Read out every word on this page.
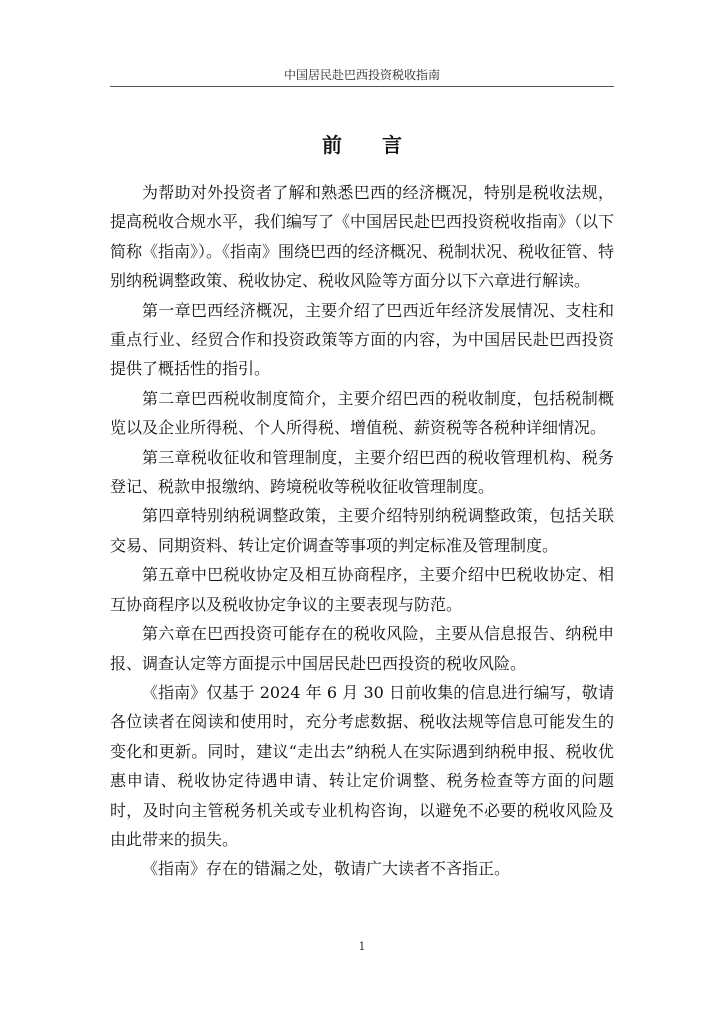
中国居民赴巴西投资税收指南
前言

为帮助对外投资者了解和熟悉巴西的经济概况，特别是税收法规，提高税收合规水平，我们编写了《中国居民赴巴西投资税收指南》（以下简称《指南》）。《指南》围绕巴西的经济概况、税制状况、税收征管、特别纳税调整政策、税收协定、税收风险等方面分以下六章进行解读。

第一章巴西经济概况，主要介绍了巴西近年经济发展情况、支柱和重点行业、经贸合作和投资政策等方面的内容，为中国居民赴巴西投资提供了概括性的指引。

第二章巴西税收制度简介，主要介绍巴西的税收制度，包括税制概览以及企业所得税、个人所得税、增值税、薪资税等各税种详细情况。

第三章税收征收和管理制度，主要介绍巴西的税收管理机构、税务登记、税款申报缴纳、跨境税收等税收征收管理制度。

第四章特别纳税调整政策，主要介绍特别纳税调整政策，包括关联交易、同期资料、转让定价调查等事项的判定标准及管理制度。

第五章中巴税收协定及相互协商程序，主要介绍中巴税收协定、相互协商程序以及税收协定争议的主要表现与防范。

第六章在巴西投资可能存在的税收风险，主要从信息报告、纳税申报、调查认定等方面提示中国居民赴巴西投资的税收风险。

《指南》仅基于 2024 年 6 月 30 日前收集的信息进行编写，敬请各位读者在阅读和使用时，充分考虑数据、税收法规等信息可能发生的变化和更新。同时，建议“走出去”纳税人在实际遇到纳税申报、税收优惠申请、税收协定待遇申请、转让定价调整、税务检查等方面的问题时，及时向主管税务机关或专业机构咨询，以避免不必要的税收风险及由此带来的损失。

《指南》存在的错漏之处，敬请广大读者不吝指正。

1
